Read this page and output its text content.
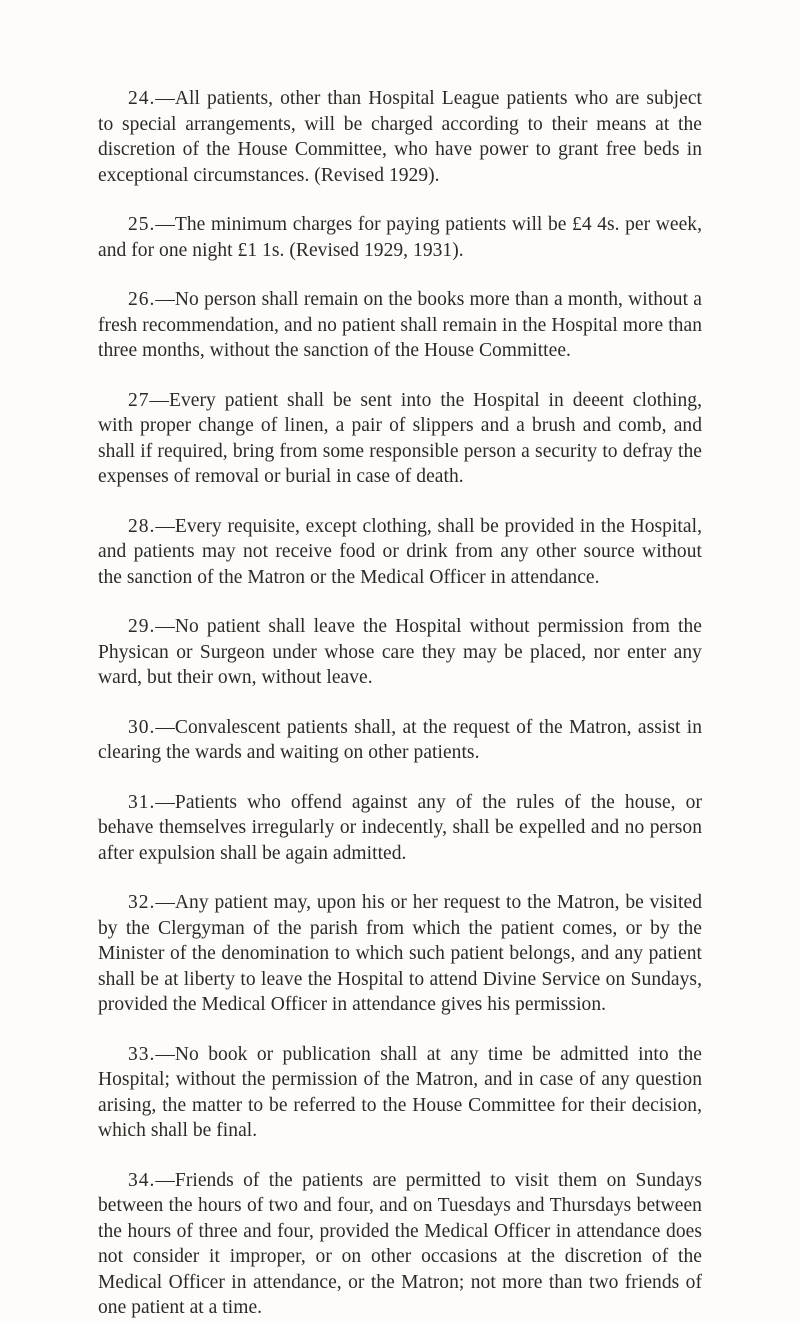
24.—All patients, other than Hospital League patients who are subject to special arrangements, will be charged according to their means at the discretion of the House Committee, who have power to grant free beds in exceptional circumstances. (Revised 1929).

25.—The minimum charges for paying patients will be £4 4s. per week, and for one night £1 1s. (Revised 1929, 1931).

26.—No person shall remain on the books more than a month, without a fresh recommendation, and no patient shall remain in the Hospital more than three months, without the sanction of the House Committee.

27—Every patient shall be sent into the Hospital in deeent clothing, with proper change of linen, a pair of slippers and a brush and comb, and shall if required, bring from some responsible person a security to defray the expenses of removal or burial in case of death.

28.—Every requisite, except clothing, shall be provided in the Hospital, and patients may not receive food or drink from any other source without the sanction of the Matron or the Medical Officer in attendance.

29.—No patient shall leave the Hospital without permission from the Physican or Surgeon under whose care they may be placed, nor enter any ward, but their own, without leave.

30.—Convalescent patients shall, at the request of the Matron, assist in clearing the wards and waiting on other patients.

31.—Patients who offend against any of the rules of the house, or behave themselves irregularly or indecently, shall be expelled and no person after expulsion shall be again admitted.

32.—Any patient may, upon his or her request to the Matron, be visited by the Clergyman of the parish from which the patient comes, or by the Minister of the denomination to which such patient belongs, and any patient shall be at liberty to leave the Hospital to attend Divine Service on Sundays, provided the Medical Officer in attendance gives his permission.

33.—No book or publication shall at any time be admitted into the Hospital; without the permission of the Matron, and in case of any question arising, the matter to be referred to the House Committee for their decision, which shall be final.

34.—Friends of the patients are permitted to visit them on Sundays between the hours of two and four, and on Tuesdays and Thursdays between the hours of three and four, provided the Medical Officer in attendance does not consider it improper, or on other occasions at the discretion of the Medical Officer in attendance, or the Matron; not more than two friends of one patient at a time.
